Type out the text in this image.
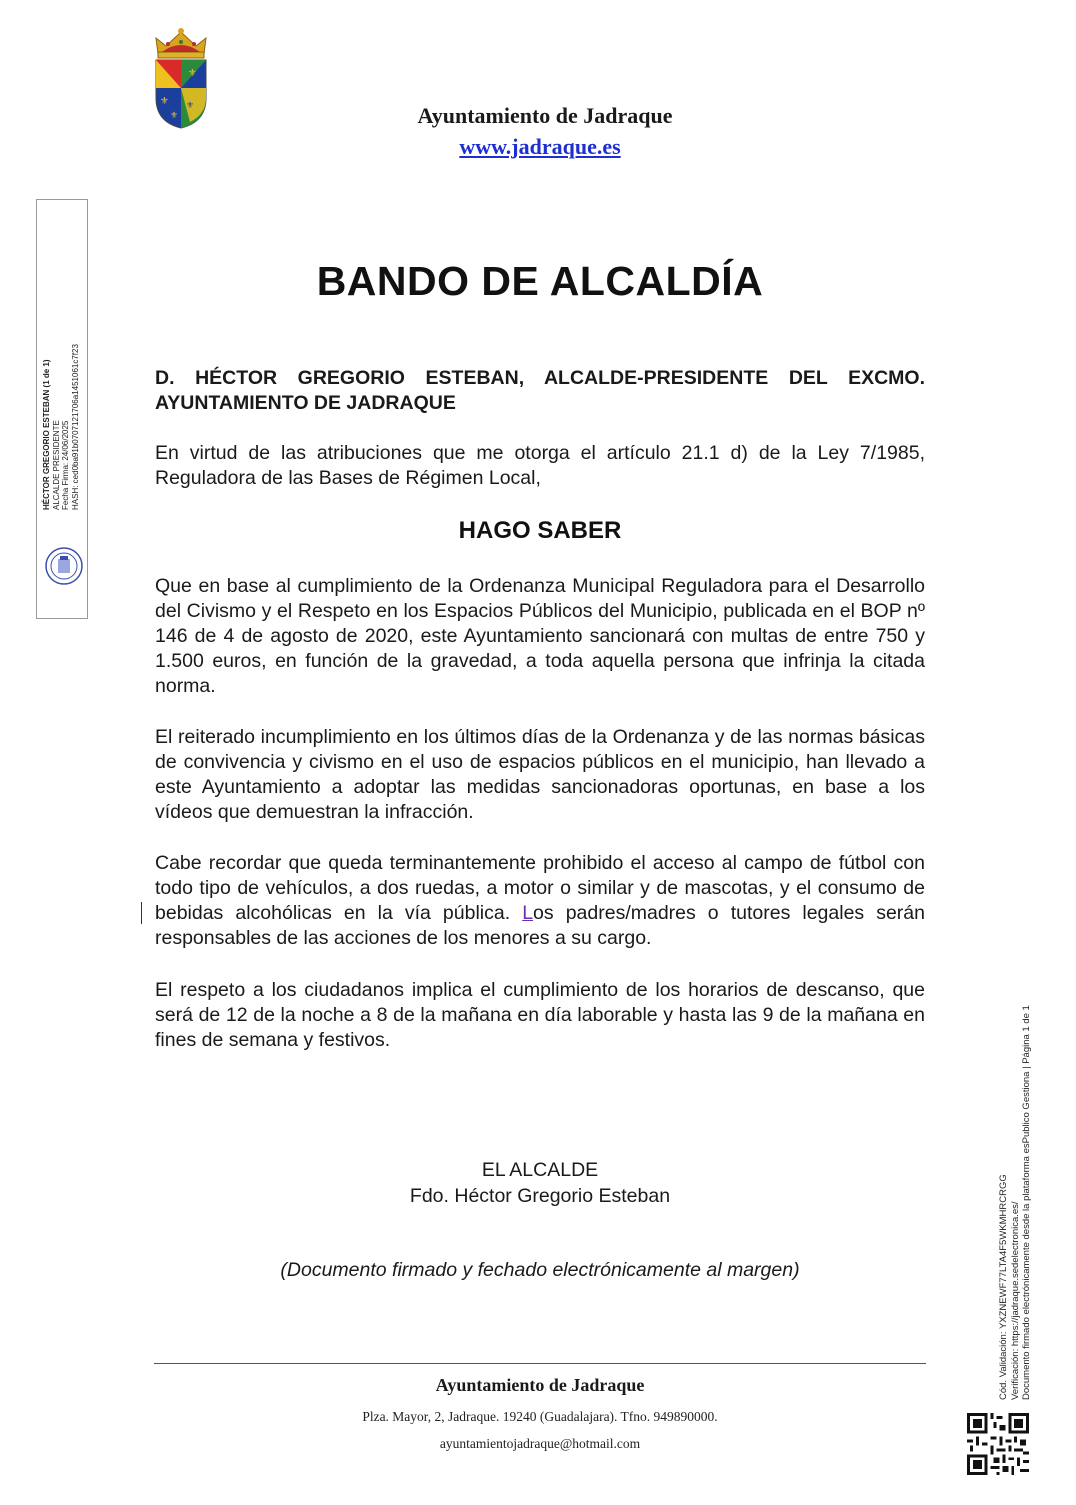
⚜
⚜
⚜
⚜	Ayuntamiento de Jadraque
www.jadraque.es
HÉCTOR GREGORIO ESTEBAN (1 de 1) ALCALDE PRESIDENTE Fecha Firma: 24/06/2025 HASH: ced0ba91b0707121706a1451061c7f23
BANDO DE ALCALDÍA
D. HÉCTOR GREGORIO ESTEBAN, ALCALDE-PRESIDENTE DEL EXCMO. AYUNTAMIENTO DE JADRAQUE
En virtud de las atribuciones que me otorga el artículo 21.1 d) de la Ley 7/1985, Reguladora de las Bases de Régimen Local,
HAGO SABER
Que en base al cumplimiento de la Ordenanza Municipal Reguladora para el Desarrollo del Civismo y el Respeto en los Espacios Públicos del Municipio, publicada en el BOP nº 146 de 4 de agosto de 2020, este Ayuntamiento sancionará con multas de entre 750 y 1.500 euros, en función de la gravedad, a toda aquella persona que infrinja la citada norma.
El reiterado incumplimiento en los últimos días de la Ordenanza y de las normas básicas de convivencia y civismo en el uso de espacios públicos en el municipio, han llevado a este Ayuntamiento a adoptar las medidas sancionadoras oportunas, en base a los vídeos que demuestran la infracción.
Cabe recordar que queda terminantemente prohibido el acceso al campo de fútbol con todo tipo de vehículos, a dos ruedas, a motor o similar y de mascotas, y el consumo de bebidas alcohólicas en la vía pública. Los padres/madres o tutores legales serán responsables de las acciones de los menores a su cargo.
El respeto a los ciudadanos implica el cumplimiento de los horarios de descanso, que será de 12 de la noche a 8 de la mañana en día laborable y hasta las 9 de la mañana en fines de semana y festivos.
EL ALCALDE
Fdo. Héctor Gregorio Esteban
(Documento firmado y fechado electrónicamente al margen)
Ayuntamiento de Jadraque
Plza. Mayor, 2, Jadraque. 19240 (Guadalajara). Tfno. 949890000.
ayuntamientojadraque@hotmail.com
Cód. Validación: YXZNEWF77LTA4F5WKMHRCRGG Verificación: https://jadraque.sedelectronica.es/ Documento firmado electrónicamente desde la plataforma esPublico Gestiona | Página 1 de 1
